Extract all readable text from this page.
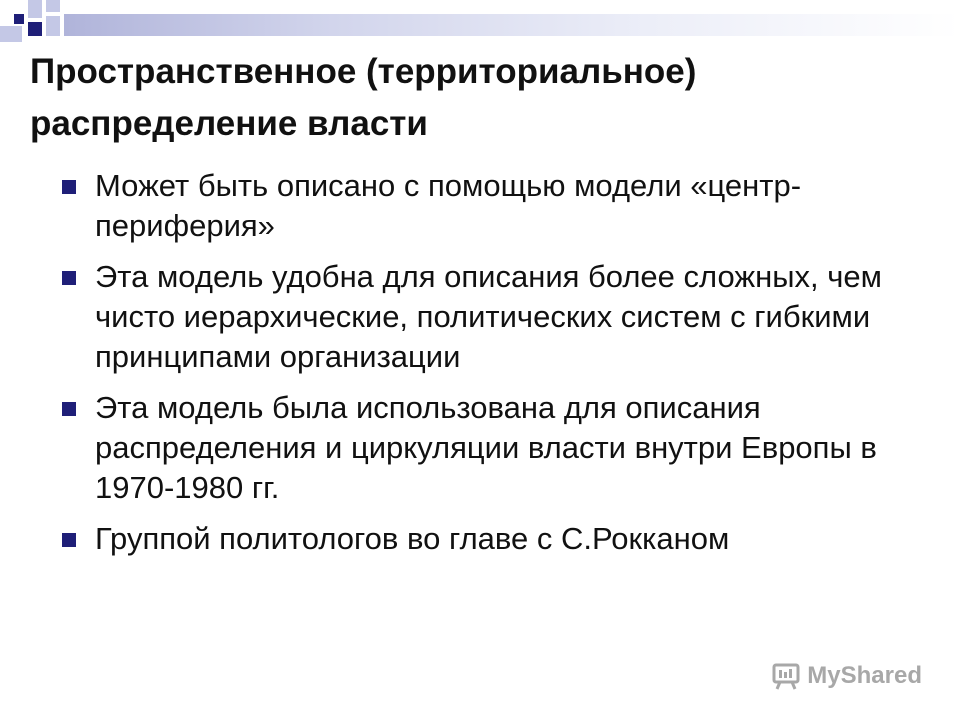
Пространственное (территориальное)
распределение власти
Может быть описано с помощью модели «центр-периферия»
Эта модель удобна для описания более сложных, чем чисто иерархические, политических систем с гибкими принципами организации
Эта модель была использована для описания распределения и циркуляции власти внутри Европы в 1970-1980 гг.
Группой политологов во главе с С.Рокканом
MyShared
